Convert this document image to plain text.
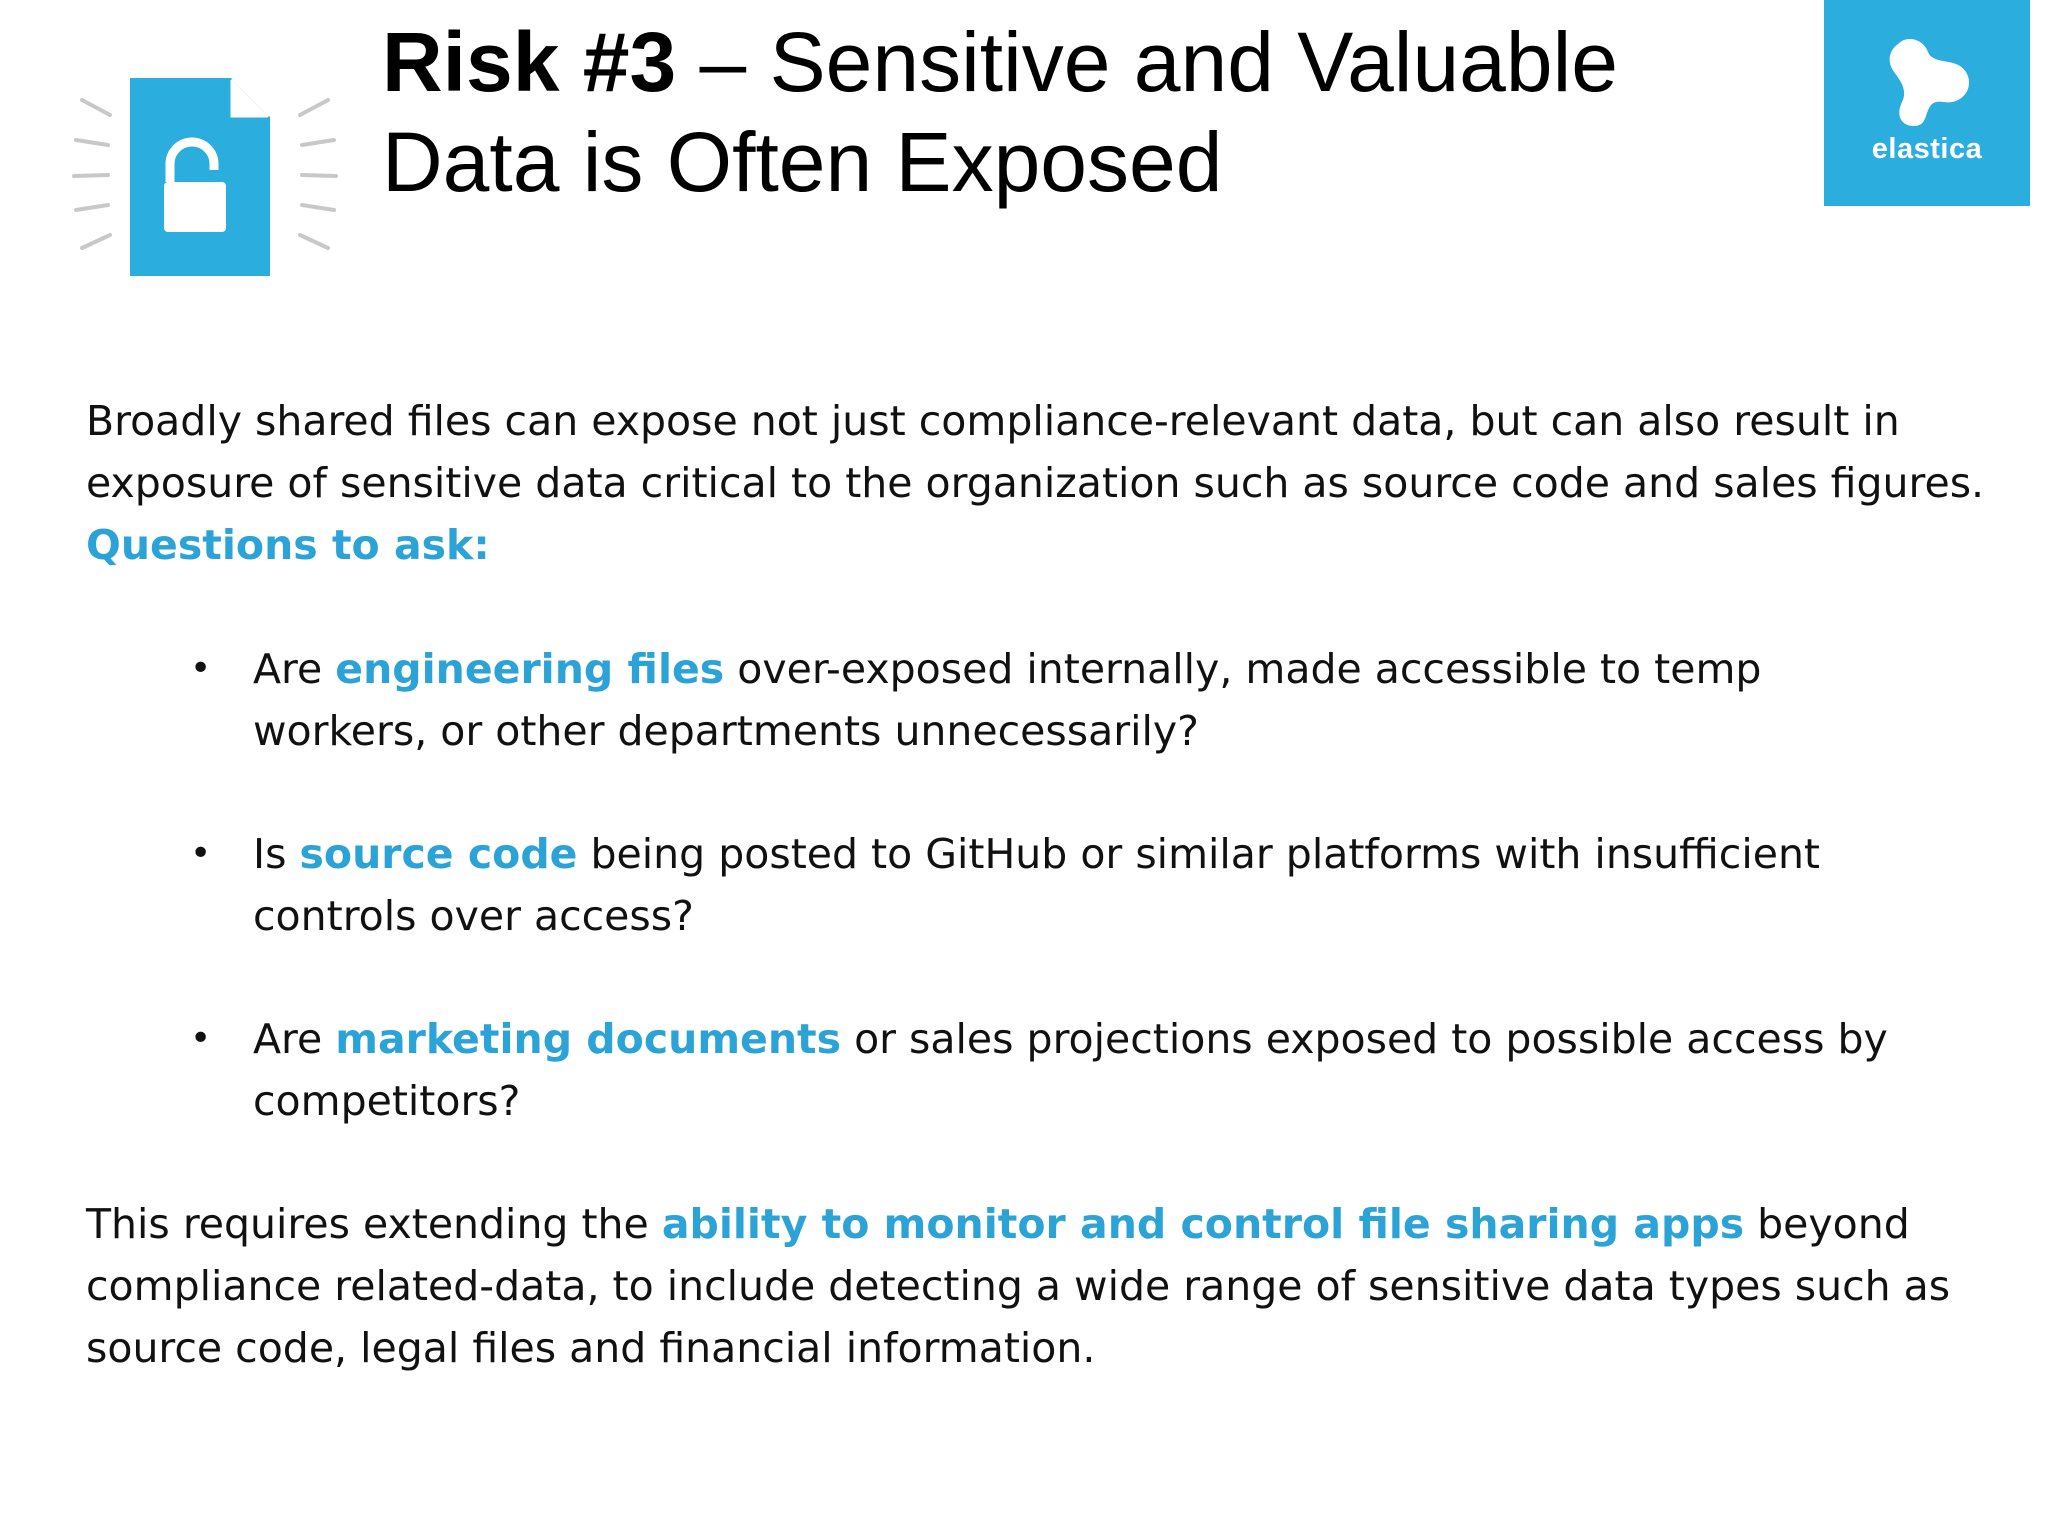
Risk #3 – Sensitive and Valuable
Data is Often Exposed	elastica

Broadly shared files can expose not just compliance-relevant data, but can also result in exposure of sensitive data critical to the organization such as source code and sales figures. Questions to ask:

• Are engineering files over-exposed internally, made accessible to temp workers, or other departments unnecessarily?
• Is source code being posted to GitHub or similar platforms with insufficient controls over access?
• Are marketing documents or sales projections exposed to possible access by competitors?

This requires extending the ability to monitor and control file sharing apps beyond compliance related-data, to include detecting a wide range of sensitive data types such as source code, legal files and financial information.
